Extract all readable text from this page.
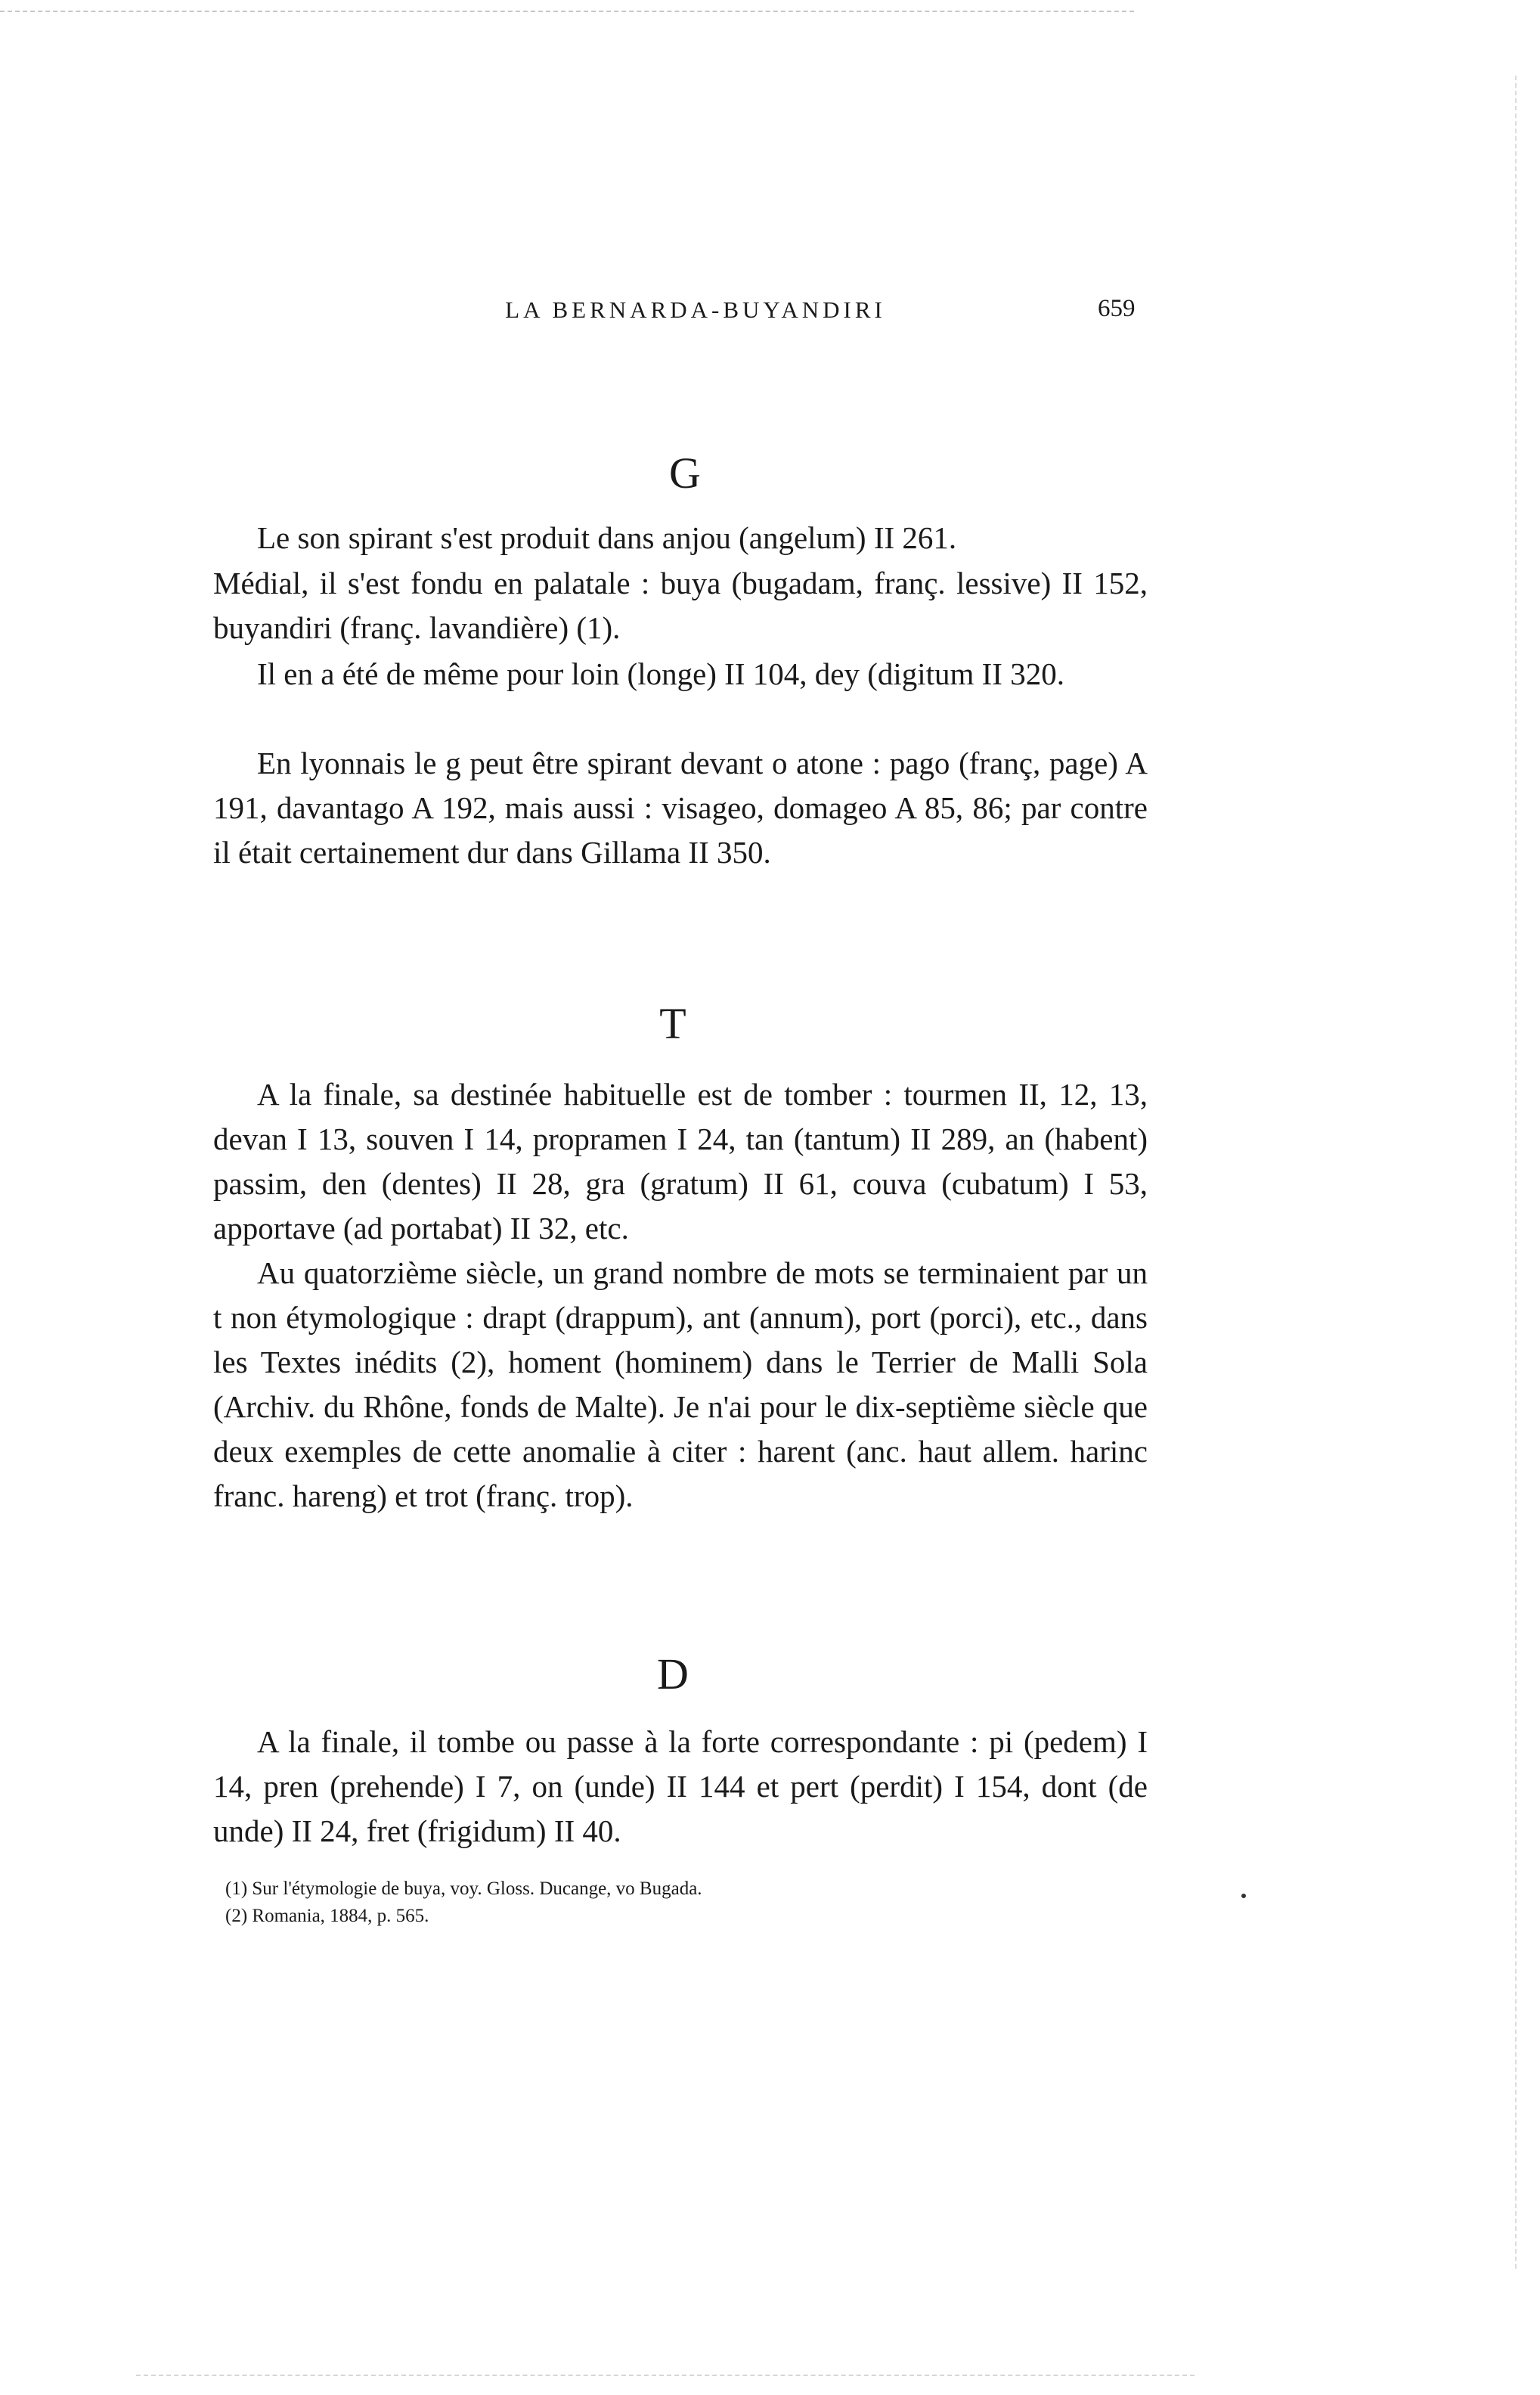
LA BERNARDA-BUYANDIRI	659
G

Le son spirant s'est produit dans anjou (angelum) II 261.

Médial, il s'est fondu en palatale : buya (bugadam, franç. lessive) II 152, buyandiri (franç. lavandière) (1).

Il en a été de même pour loin (longe) II 104, dey (digitum II 320.

En lyonnais le g peut être spirant devant o atone : pago (franç, page) A 191, davantago A 192, mais aussi : visageo, domageo A 85, 86; par contre il était certainement dur dans Gillama II 350.

T

A la finale, sa destinée habituelle est de tomber : tourmen II, 12, 13, devan I 13, souven I 14, propramen I 24, tan (tantum) II 289, an (habent) passim, den (dentes) II 28, gra (gratum) II 61, couva (cubatum) I 53, apportave (ad portabat) II 32, etc.

Au quatorzième siècle, un grand nombre de mots se terminaient par un t non étymologique : drapt (drappum), ant (annum), port (porci), etc., dans les Textes inédits (2), homent (hominem) dans le Terrier de Malli Sola (Archiv. du Rhône, fonds de Malte). Je n'ai pour le dix-septième siècle que deux exemples de cette anomalie à citer : harent (anc. haut allem. harinc franc. hareng) et trot (franç. trop).

D

A la finale, il tombe ou passe à la forte correspondante : pi (pedem) I 14, pren (prehende) I 7, on (unde) II 144 et pert (perdit) I 154, dont (de unde) II 24, fret (frigidum) II 40.

(1) Sur l'étymologie de buya, voy. Gloss. Ducange, vo Bugada.
(2) Romania, 1884, p. 565.
